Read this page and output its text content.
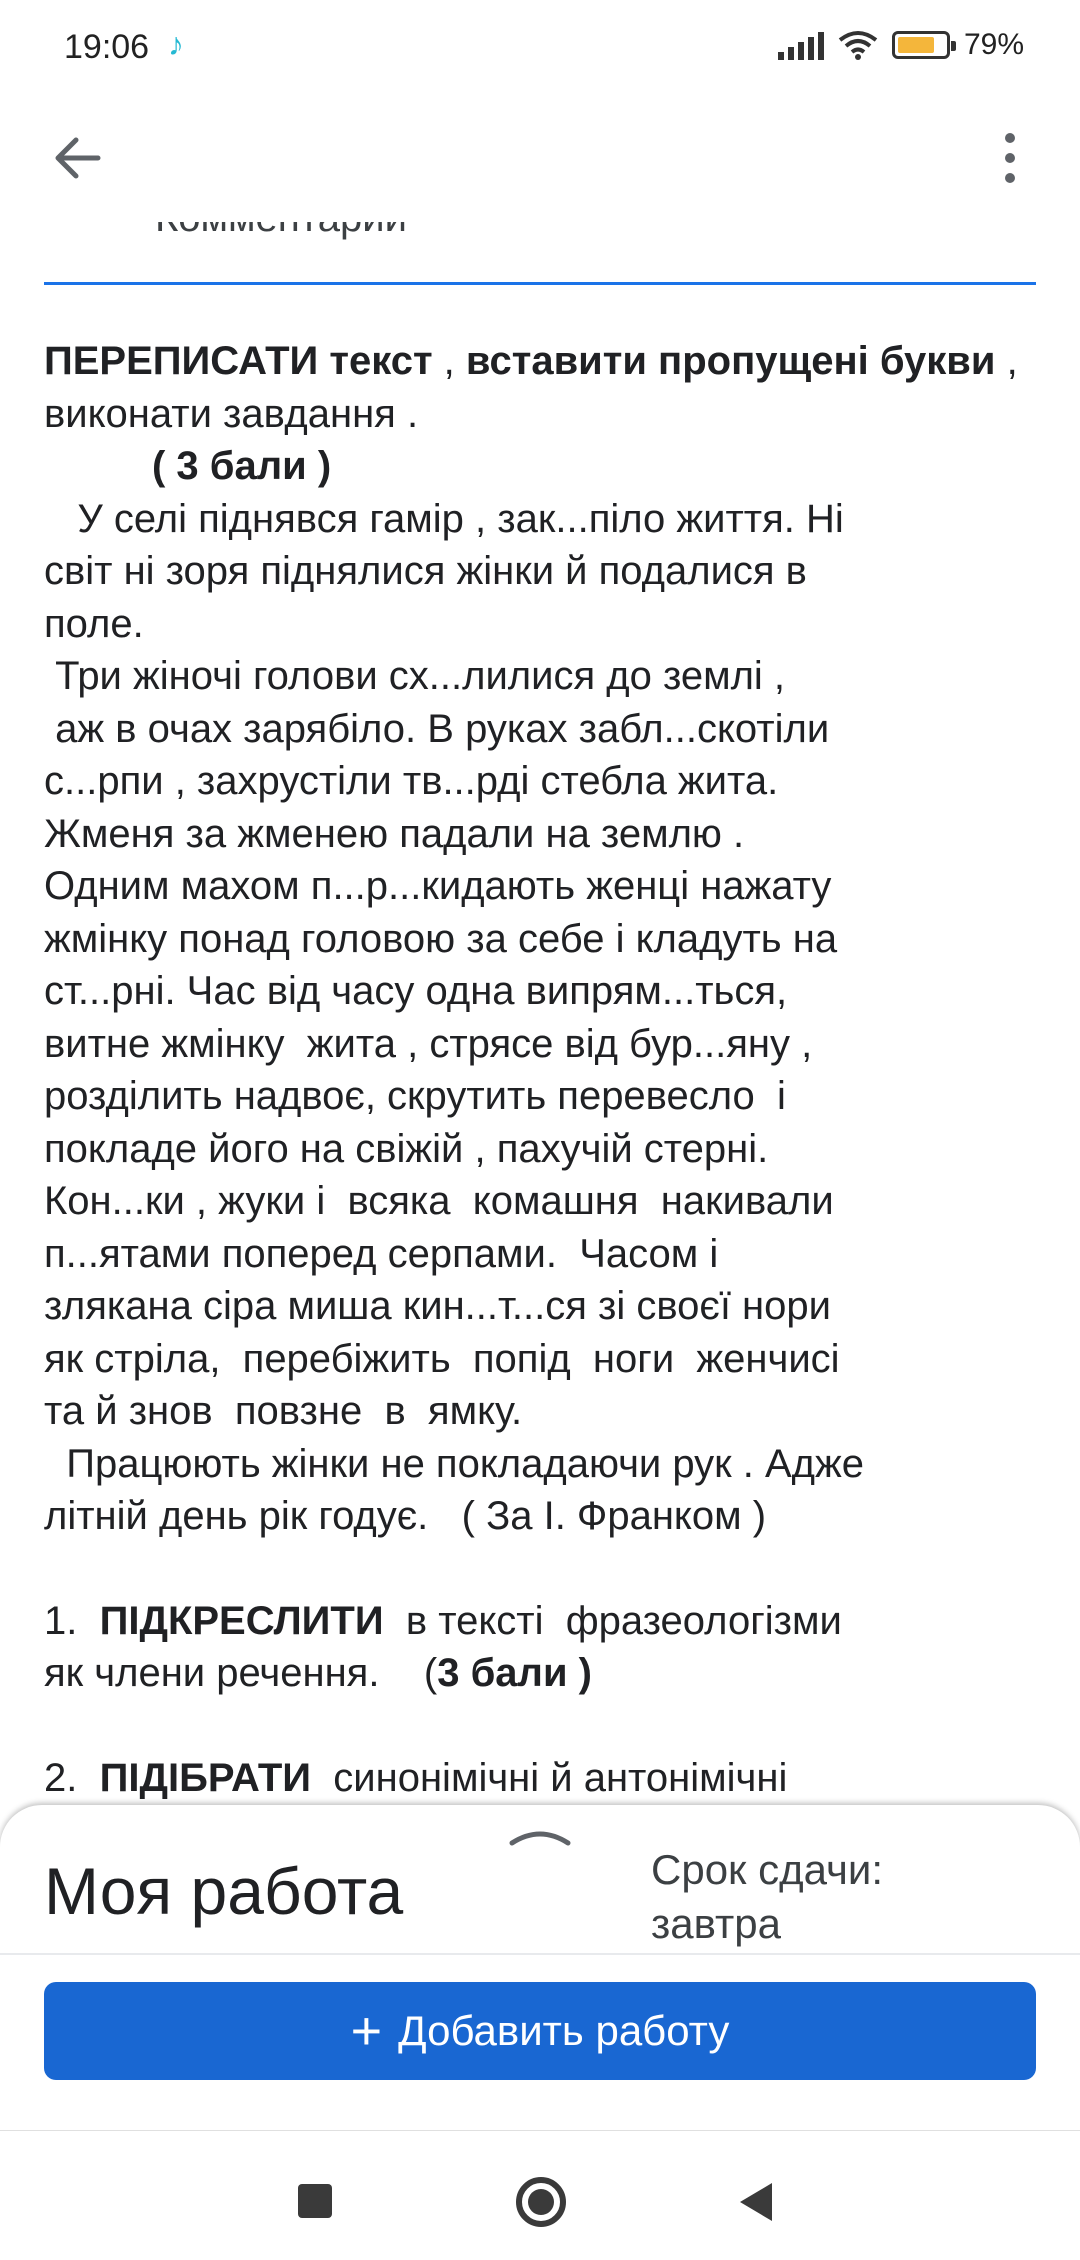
19:06 ♪	79%

ПЕРЕПИСАТИ текст , вставити пропущені букви , виконати завдання .

( 3 бали )

У селі піднявся гамір , зак...піло життя. Ні

світ ні зоря піднялися жінки й подалися в

поле.

Три жіночі голови сх...лилися до землі ,

аж в очах зарябіло. В руках забл...скотіли

с...рпи , захрустіли тв...рді стебла жита.

Жменя за жменею падали на землю .

Одним махом п...р...кидають женці нажату

жмінку понад головою за себе і кладуть на

ст...рні. Час від часу одна випрям...ться,

витне жмінку  жита , стрясе від бур...яну ,

розділить надвоє, скрутить перевесло  і

покладе його на свіжій , пахучій стерні.

Кон...ки , жуки і  всяка  комашня  накивали

п...ятами поперед серпами.  Часом і

злякана сіра миша кин...т...ся зі своєї нори

як стріла,  перебіжить  попід  ноги  женчисі

та й знов  повзне  в  ямку.

Працюють жінки не покладаючи рук . Адже

літній день рік годує.   ( За І. Франком )

1. ПІДКРЕСЛИТИ  в тексті  фразеологізми

як члени речення.    (3 бали )

2. ПІДІБРАТИ  синонімічні й антонімічні

Моя работа	Срок сдачи:
завтра
+ Добавить работу
